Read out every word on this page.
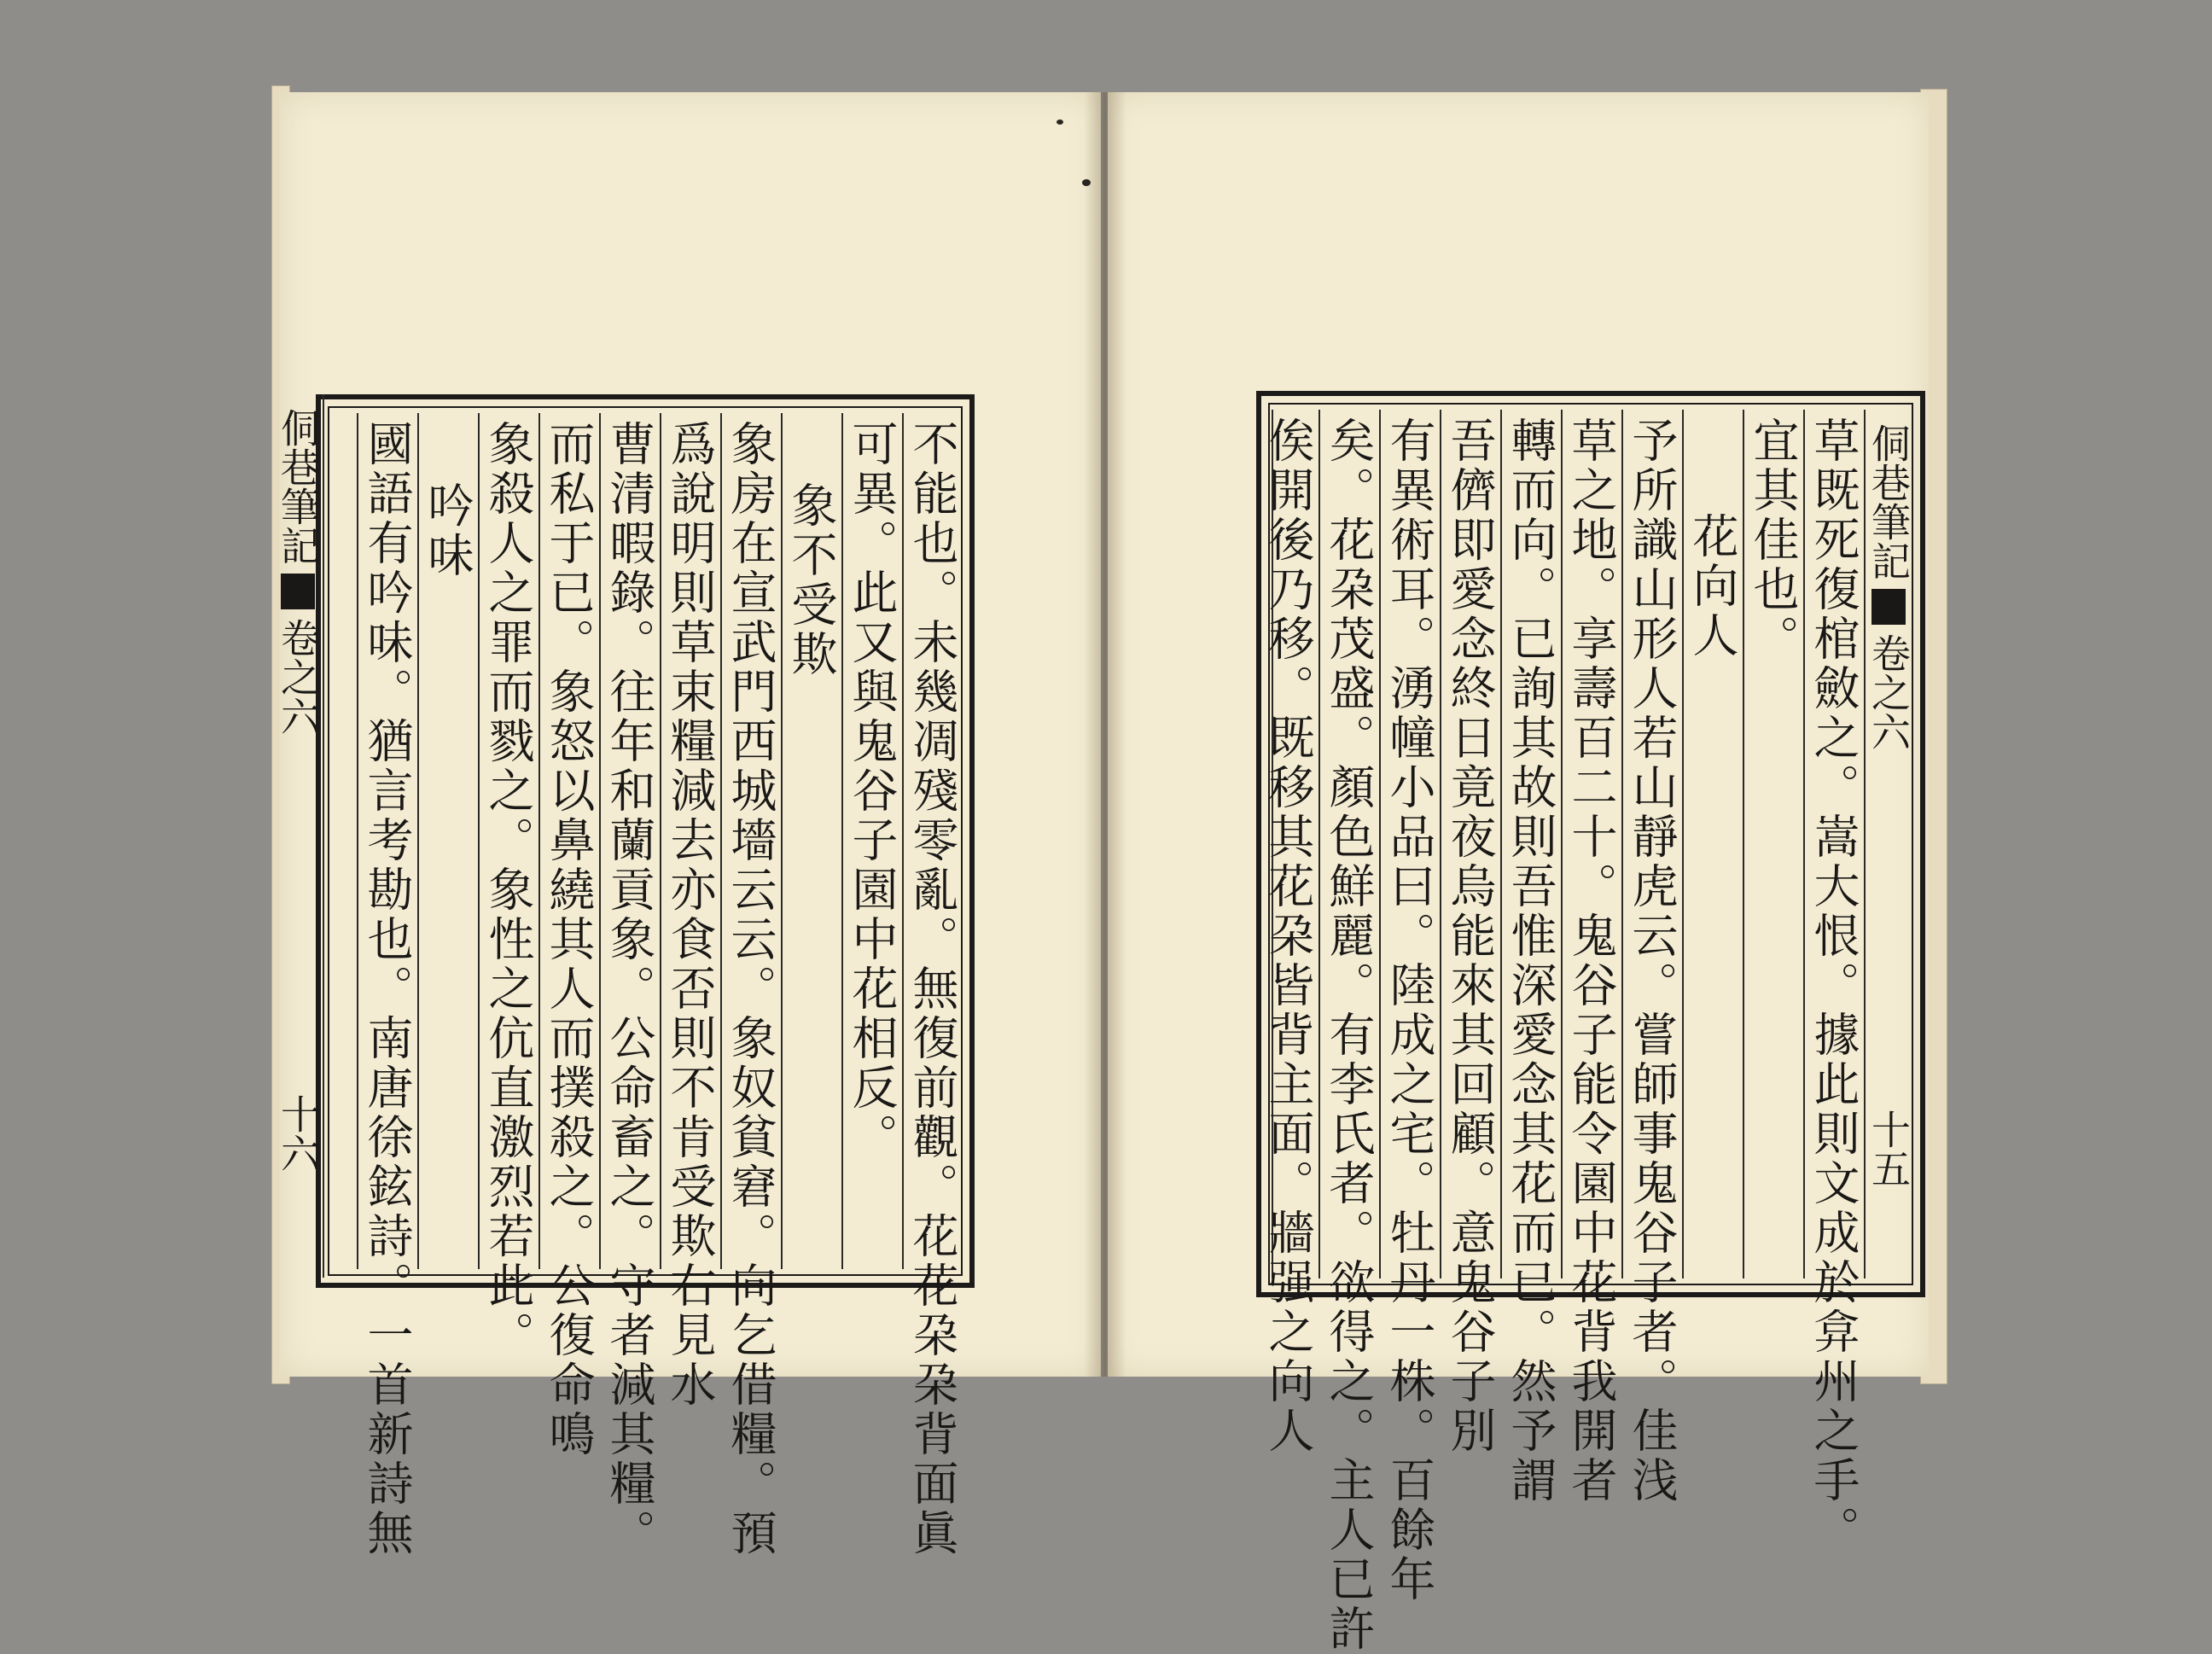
不能也。未幾凋殘零亂。無復前觀。花花朶朶背面眞
可異。此又與鬼谷子園中花相反。
象不受欺
象房在宣武門西城墻云云。象奴貧窘。向乞借糧。預
爲說明則草束糧減去亦食否則不肯受欺右見水
曹清暇錄。往年和蘭貢象。公命畜之。守者減其糧。
而私于已。象怒以鼻繞其人而撲殺之。公復命鳴
象殺人之罪而戮之。象性之伉直激烈若此。
吟味
國語有吟味。猶言考勘也。南唐徐鉉詩。一首新詩無
侗巷筆記卷之六十六
侗巷筆記卷之六十五
草既死復棺斂之。嵩大恨。據此則文成於弇州之手。
宜其佳也。
花向人
予所識山形人若山靜虎云。嘗師事鬼谷子者。佳浅
草之地。享壽百二十。鬼谷子能令園中花背我開者
轉而向。已詢其故則吾惟深愛念其花而已。然予謂
吾儕即愛念終日竟夜烏能來其回顧。意鬼谷子別
有異術耳。湧幢小品曰。陸成之宅。牡丹一株。百餘年
矣。花朶茂盛。顏色鮮麗。有李氏者。欲得之。主人已許
俟開後乃移。既移其花朶皆背主面。牆强之向人
